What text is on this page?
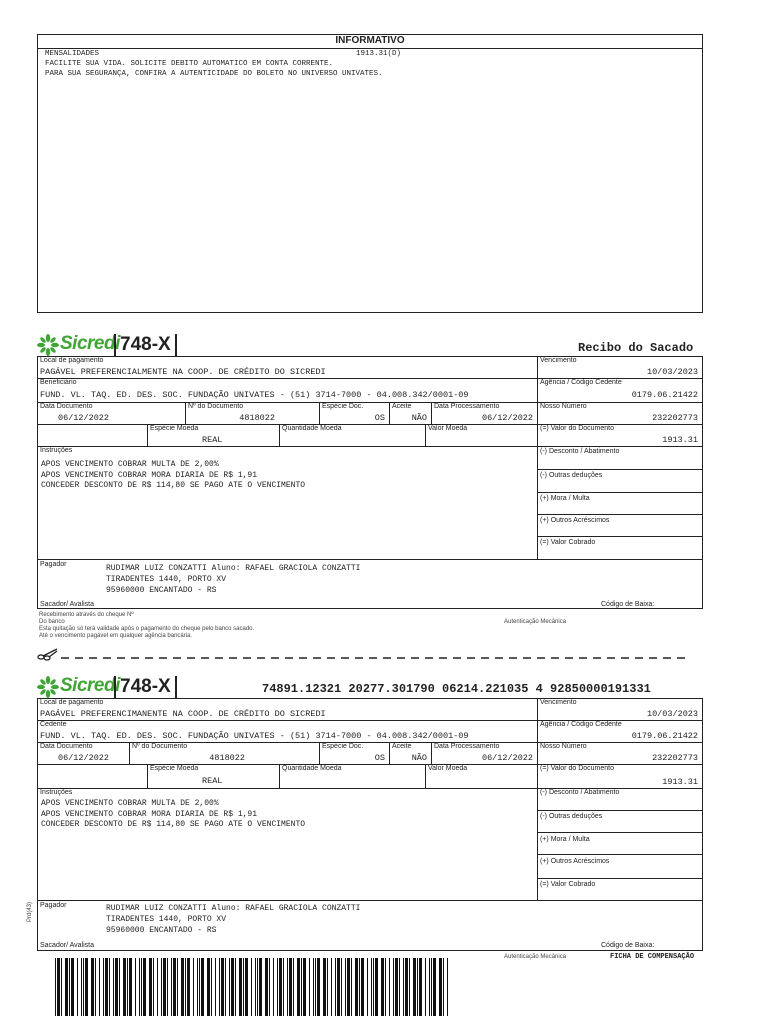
INFORMATIVO
MENSALIDADES	1913.31(D)
FACILITE SUA VIDA. SOLICITE DEBITO AUTOMATICO EM CONTA CORRENTE.
PARA SUA SEGURANÇA, CONFIRA A AUTENTICIDADE DO BOLETO NO UNIVERSO UNIVATES.
Sicredi 748-X	Recibo do Sacado
Local de pagamento
PAGÁVEL PREFERENCIALMENTE NA COOP. DE CRÉDITO DO SICREDI
Vencimento
10/03/2023
Beneficiário
FUND. VL. TAQ. ED. DES. SOC. FUNDAÇÃO UNIVATES - (51) 3714-7000 - 04.008.342/0001-09
Agência / Código Cedente
0179.06.21422
Data Documento
06/12/2022
Nº do Documento
4818022
Espécie Doc.
OS
Aceite
NÃO
Data Processamento
06/12/2022
Nosso Número
232202773
Espécie Moeda
REAL
Quantidade Moeda	Valor Moeda	(=) Valor do Documento
1913.31
Instruções
APOS VENCIMENTO COBRAR MULTA DE 2,00%
APOS VENCIMENTO COBRAR MORA DIARIA DE R$ 1,91
CONCEDER DESCONTO DE R$ 114,80 SE PAGO ATE O VENCIMENTO
(-) Desconto / Abatimento
(-) Outras deduções
(+) Mora / Multa
(+) Outros Acréscimos
(=) Valor Cobrado
Pagador	RUDIMAR LUIZ CONZATTI Aluno: RAFAEL GRACIOLA CONZATTI
TIRADENTES 1440, PORTO XV
95960000 ENCANTADO - RS
Sacador/ Avalista	Código de Baixa:
Recebimento através do cheque Nº
Do banco
Esta quitação só terá validade após o pagamento do cheque pelo banco sacado.
Até o vencimento pagável em qualquer agência bancária.
Autenticação Mecânica
Sicredi 748-X	74891.12321 20277.301790 06214.221035 4 92850000191331
Local de pagamento
PAGÁVEL PREFERENCIMANENTE NA COOP. DE CRÉDITO DO SICREDI
Vencimento
10/03/2023
Cedente
FUND. VL. TAQ. ED. DES. SOC. FUNDAÇÃO UNIVATES - (51) 3714-7000 - 04.008.342/0001-09
Agência / Código Cedente
0179.06.21422
Data Documento
06/12/2022
Nº do Documento
4818022
Espécie Doc.
OS
Aceite
NÃO
Data Processamento
06/12/2022
Nosso Número
232202773
Espécie Moeda
REAL
Quantidade Moeda	Valor Moeda	(=) Valor do Documento
1913.31
Instruções
APOS VENCIMENTO COBRAR MULTA DE 2,00%
APOS VENCIMENTO COBRAR MORA DIARIA DE R$ 1,91
CONCEDER DESCONTO DE R$ 114,80 SE PAGO ATE O VENCIMENTO
(-) Desconto / Abatimento
(-) Outras deduções
(+) Mora / Multa
(+) Outros Acréscimos
(=) Valor Cobrado
Pagador	RUDIMAR LUIZ CONZATTI Aluno: RAFAEL GRACIOLA CONZATTI
TIRADENTES 1440, PORTO XV
95960000 ENCANTADO - RS
Sacador/ Avalista	Código de Baixa:
Prd(43)
Autenticação Mecânica	FICHA DE COMPENSAÇÃO
